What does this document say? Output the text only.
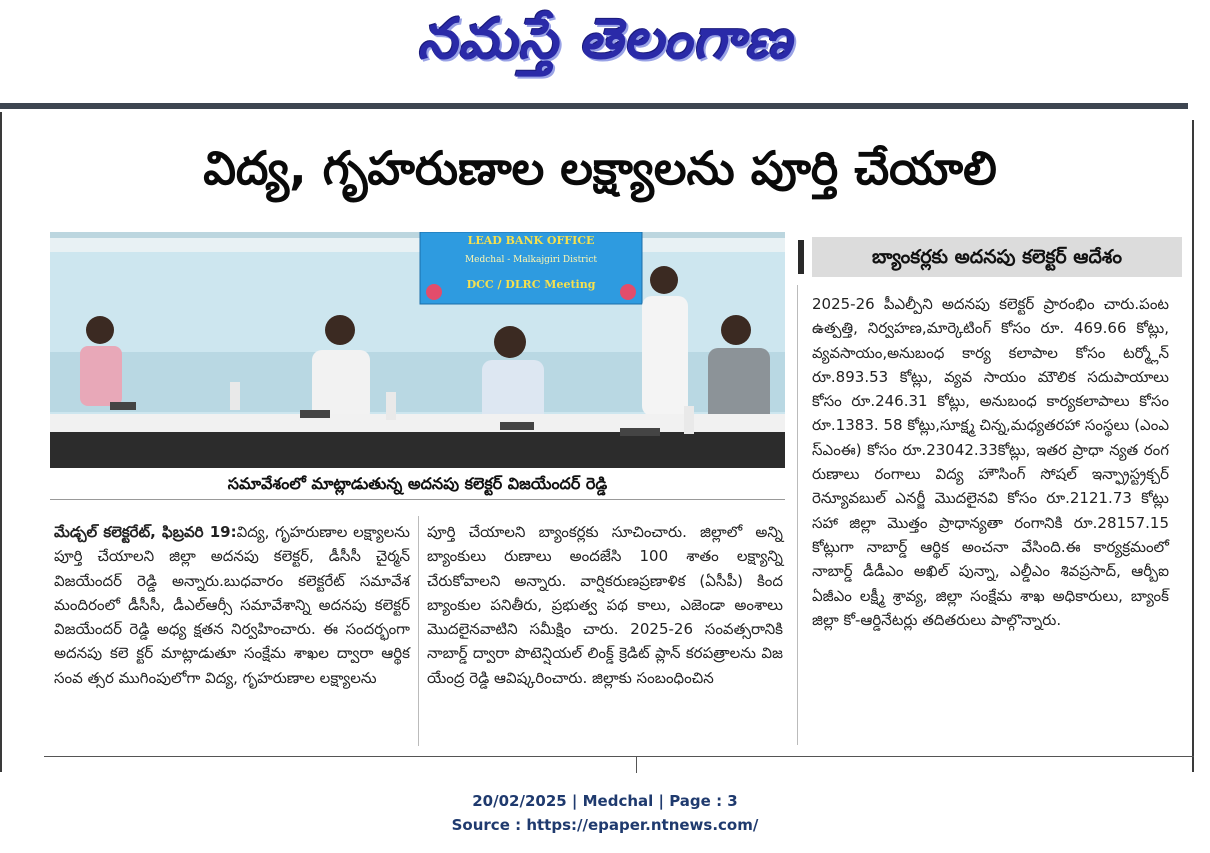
నమస్తే తెలంగాణ
విద్య, గృహరుణాల లక్ష్యాలను పూర్తి చేయాలి
LEAD BANK OFFICE
Medchal - Malkajgiri District
DCC / DLRC Meeting
సమావేశంలో మాట్లాడుతున్న అదనపు కలెక్టర్ విజయేందర్ రెడ్డి

మేడ్చల్ కలెక్టరేట్, ఫిబ్రవరి 19:విద్య, గృహరుణాల లక్ష్యాలను పూర్తి చేయాలని జిల్లా అదనపు కలెక్టర్, డీసీసీ చైర్మన్ విజయేందర్ రెడ్డి అన్నారు.బుధవారం కలెక్టరేట్ సమావేశ మందిరంలో డీసీసీ, డీఎల్ఆర్సీ సమావేశాన్ని అదనపు కలెక్టర్ విజయేందర్ రెడ్డి అధ్య క్షతన నిర్వహించారు. ఈ సందర్భంగా అదనపు కలె క్టర్ మాట్లాడుతూ సంక్షేమ శాఖల ద్వారా ఆర్థిక సంవ త్సర ముగింపులోగా విద్య, గృహరుణాల లక్ష్యాలను

పూర్తి చేయాలని బ్యాంకర్లకు సూచించారు. జిల్లాలో అన్ని బ్యాంకులు రుణాలు అందజేసి 100 శాతం లక్ష్యాన్ని చేరుకోవాలని అన్నారు. వార్షికరుణప్రణాళిక (ఏసీపీ) కింద బ్యాంకుల పనితీరు, ప్రభుత్వ పథ కాలు, ఎజెండా అంశాలు మొదలైనవాటిని సమీక్షిం చారు. 2025-26 సంవత్సరానికి నాబార్డ్ ద్వారా పొటెన్షియల్ లింక్డ్ క్రెడిట్ ప్లాన్ కరపత్రాలను విజ యేంద్ర రెడ్డి ఆవిష్కరించారు. జిల్లాకు సంబంధించిన

బ్యాంకర్లకు అదనపు కలెక్టర్ ఆదేశం

2025-26 పీఎల్పీని అదనపు కలెక్టర్ ప్రారంభిం చారు.పంట ఉత్పత్తి, నిర్వహణ,మార్కెటింగ్ కోసం రూ. 469.66 కోట్లు, వ్యవసాయం,అనుబంధ కార్య కలాపాల కోసం టర్మ్లోన్ రూ.893.53 కోట్లు, వ్యవ సాయం మౌలిక సదుపాయాలు కోసం రూ.246.31 కోట్లు, అనుబంధ కార్యకలాపాలు కోసం రూ.1383. 58 కోట్లు,సూక్ష్మ చిన్న,మధ్యతరహా సంస్థలు (ఎంఎ స్ఎంఈ) కోసం రూ.23042.33కోట్లు, ఇతర ప్రాధా న్యత రంగ రుణాలు రంగాలు విద్య హౌసింగ్ సోషల్ ఇన్ఫ్రాస్ట్రక్చర్ రెన్యూవబుల్ ఎనర్జీ మొదలైనవి కోసం రూ.2121.73 కోట్లు సహా జిల్లా మొత్తం ప్రాధాన్యతా రంగానికి రూ.28157.15 కోట్లుగా నాబార్డ్ ఆర్థిక అంచనా వేసింది.ఈ కార్యక్రమంలో నాబార్డ్ డీడీఎం అఖిల్ పున్నా, ఎల్డీఎం శివప్రసాద్, ఆర్బీఐ ఏజీఎం లక్ష్మీ శ్రావ్య, జిల్లా సంక్షేమ శాఖ అధికారులు, బ్యాంక్ జిల్లా కో-ఆర్డినేటర్లు తదితరులు పాల్గొన్నారు.

20/02/2025 | Medchal | Page : 3
Source : https://epaper.ntnews.com/
